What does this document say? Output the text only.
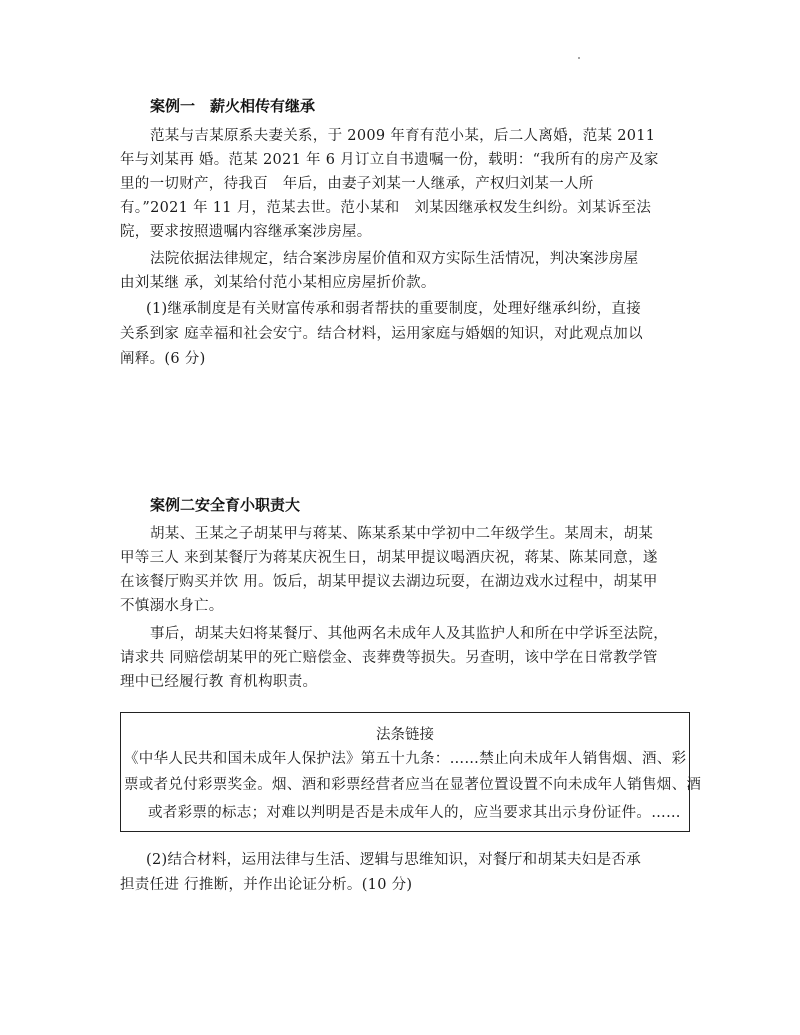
案例一　薪火相传有继承
范某与吉某原系夫妻关系，于 2009 年育有范小某，后二人离婚，范某 2011
年与刘某再 婚。范某 2021 年 6 月订立自书遗嘱一份，载明：“我所有的房产及家
里的一切财产，待我百　年后，由妻子刘某一人继承，产权归刘某一人所
有。”2021 年 11 月，范某去世。范小某和　刘某因继承权发生纠纷。刘某诉至法
院，要求按照遗嘱内容继承案涉房屋。
法院依据法律规定，结合案涉房屋价值和双方实际生活情况，判决案涉房屋
由刘某继 承，刘某给付范小某相应房屋折价款。
(1)继承制度是有关财富传承和弱者帮扶的重要制度，处理好继承纠纷，直接
关系到家 庭幸福和社会安宁。结合材料，运用家庭与婚姻的知识，对此观点加以
阐释。(6 分)
案例二安全育小职责大
胡某、王某之子胡某甲与蒋某、陈某系某中学初中二年级学生。某周末，胡某
甲等三人 来到某餐厅为蒋某庆祝生日，胡某甲提议喝酒庆祝，蒋某、陈某同意，遂
在该餐厅购买并饮 用。饭后，胡某甲提议去湖边玩耍，在湖边戏水过程中，胡某甲
不慎溺水身亡。
事后，胡某夫妇将某餐厅、其他两名未成年人及其监护人和所在中学诉至法院，
请求共 同赔偿胡某甲的死亡赔偿金、丧葬费等损失。另查明，该中学在日常教学管
理中已经履行教 育机构职责。
法条链接
《中华人民共和国未成年人保护法》第五十九条：……禁止向未成年人销售烟、酒、彩
票或者兑付彩票奖金。烟、酒和彩票经营者应当在显著位置设置不向未成年人销售烟、酒
或者彩票的标志；对难以判明是否是未成年人的，应当要求其出示身份证件。……
(2)结合材料，运用法律与生活、逻辑与思维知识，对餐厅和胡某夫妇是否承
担责任进 行推断，并作出论证分析。(10 分)
